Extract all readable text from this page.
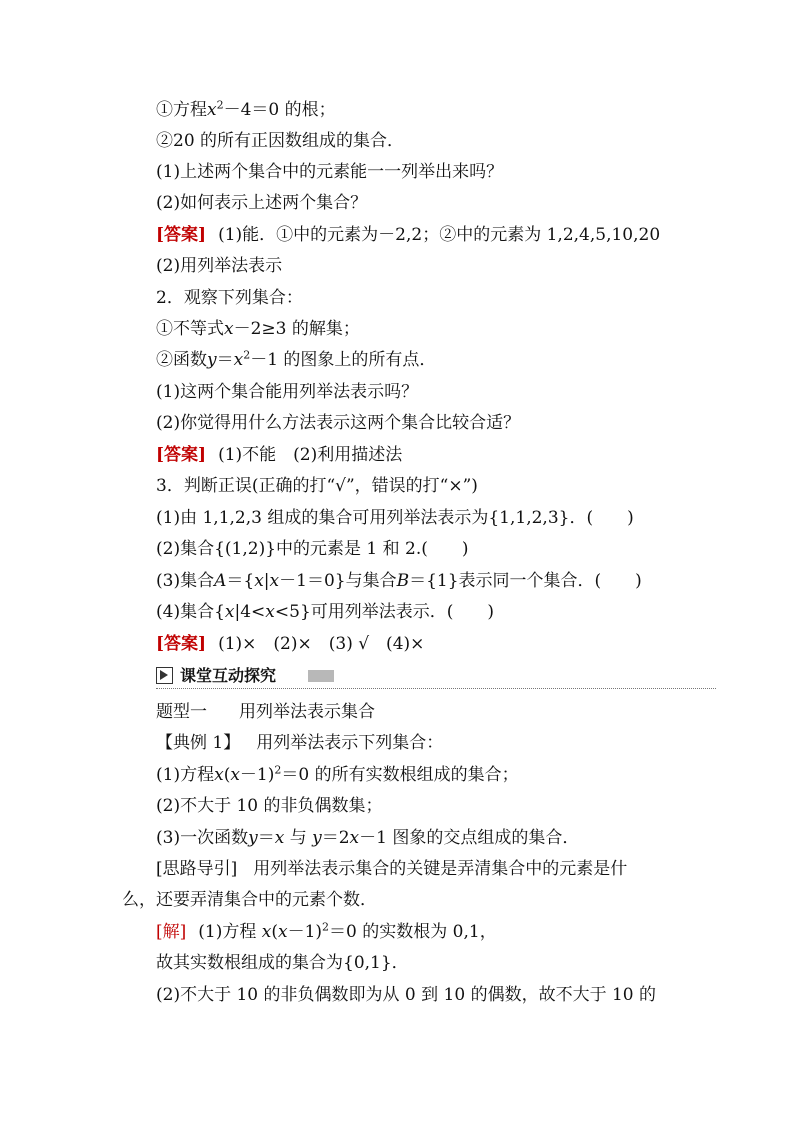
①方程$x^2-4=0$ 的根；
②20 的所有正因数组成的集合．
(1)上述两个集合中的元素能一一列举出来吗？
(2)如何表示上述两个集合？
[答案] (1)能．①中的元素为－2,2；②中的元素为 1,2,4,5,10,20
(2)用列举法表示
2．观察下列集合：
①不等式x－2≥3 的解集；
②函数$y=x^2-1$ 的图象上的所有点．
(1)这两个集合能用列举法表示吗？
(2)你觉得用什么方法表示这两个集合比较合适？
[答案] (1)不能　(2)利用描述法
3．判断正误(正确的打“√”，错误的打“×”)
(1)由 1,1,2,3 组成的集合可用列举法表示为{1,1,2,3}．(　　)
(2)集合{(1,2)}中的元素是 1 和 2.(　　)
(3)集合A＝{x|x－1＝0}与集合B＝{1}表示同一个集合．(　　)
(4)集合{x|4<x<5}可用列举法表示．(　　)
[答案] (1)×　(2)×　(3) √　(4)×
课堂互动探究
题型一 用列举法表示集合
【典例 1】 用列举法表示下列集合：
(1)方程$x(x-1)^2=0$ 的所有实数根组成的集合；
(2)不大于 10 的非负偶数集；
(3)一次函数y＝x 与 y＝2x－1 图象的交点组成的集合．
[思路导引] 用列举法表示集合的关键是弄清集合中的元素是什
么，还要弄清集合中的元素个数．
[解] (1)方程 $x(x-1)^2=0$ 的实数根为 0,1，
故其实数根组成的集合为{0,1}．
(2)不大于 10 的非负偶数即为从 0 到 10 的偶数，故不大于 10 的
